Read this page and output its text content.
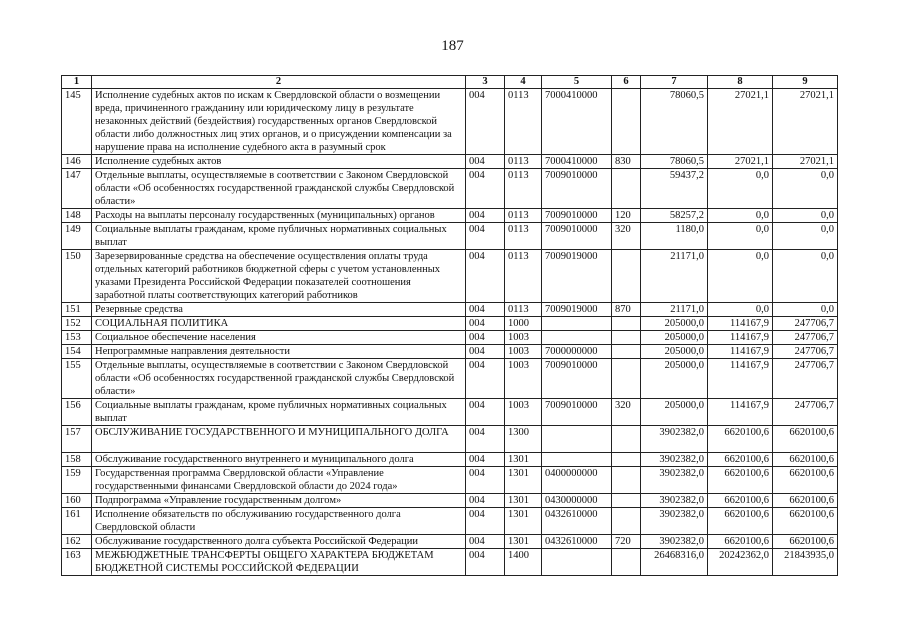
187
1	2	3	4	5	6	7	8	9
145	Исполнение судебных актов по искам к Свердловской области о возмещении вреда, причиненного гражданину или юридическому лицу в результате незаконных действий (бездействия) государственных органов Свердловской области либо должностных лиц этих органов, и о присуждении компенсации за нарушение права на исполнение судебного акта в разумный срок	004	0113	7000410000		78060,5	27021,1	27021,1
146	Исполнение судебных актов	004	0113	7000410000	830	78060,5	27021,1	27021,1
147	Отдельные выплаты, осуществляемые в соответствии с Законом Свердловской области «Об особенностях государственной гражданской службы Свердловской области»	004	0113	7009010000		59437,2	0,0	0,0
148	Расходы на выплаты персоналу государственных (муниципальных) органов	004	0113	7009010000	120	58257,2	0,0	0,0
149	Социальные выплаты гражданам, кроме публичных нормативных социальных выплат	004	0113	7009010000	320	1180,0	0,0	0,0
150	Зарезервированные средства на обеспечение осуществления оплаты труда отдельных категорий работников бюджетной сферы с учетом установленных указами Президента Российской Федерации показателей соотношения заработной платы соответствующих категорий работников	004	0113	7009019000		21171,0	0,0	0,0
151	Резервные средства	004	0113	7009019000	870	21171,0	0,0	0,0
152	СОЦИАЛЬНАЯ ПОЛИТИКА	004	1000			205000,0	114167,9	247706,7
153	Социальное обеспечение населения	004	1003			205000,0	114167,9	247706,7
154	Непрограммные направления деятельности	004	1003	7000000000		205000,0	114167,9	247706,7
155	Отдельные выплаты, осуществляемые в соответствии с Законом Свердловской области «Об особенностях государственной гражданской службы Свердловской области»	004	1003	7009010000		205000,0	114167,9	247706,7
156	Социальные выплаты гражданам, кроме публичных нормативных социальных выплат	004	1003	7009010000	320	205000,0	114167,9	247706,7
157	ОБСЛУЖИВАНИЕ ГОСУДАРСТВЕННОГО И МУНИЦИПАЛЬНОГО ДОЛГА	004	1300			3902382,0	6620100,6	6620100,6
158	Обслуживание государственного внутреннего и муниципального долга	004	1301			3902382,0	6620100,6	6620100,6
159	Государственная программа Свердловской области «Управление государственными финансами Свердловской области до 2024 года»	004	1301	0400000000		3902382,0	6620100,6	6620100,6
160	Подпрограмма «Управление государственным долгом»	004	1301	0430000000		3902382,0	6620100,6	6620100,6
161	Исполнение обязательств по обслуживанию государственного долга Свердловской области	004	1301	0432610000		3902382,0	6620100,6	6620100,6
162	Обслуживание государственного долга субъекта Российской Федерации	004	1301	0432610000	720	3902382,0	6620100,6	6620100,6
163	МЕЖБЮДЖЕТНЫЕ ТРАНСФЕРТЫ ОБЩЕГО ХАРАКТЕРА БЮДЖЕТАМ БЮДЖЕТНОЙ СИСТЕМЫ РОССИЙСКОЙ ФЕДЕРАЦИИ	004	1400			26468316,0	20242362,0	21843935,0
